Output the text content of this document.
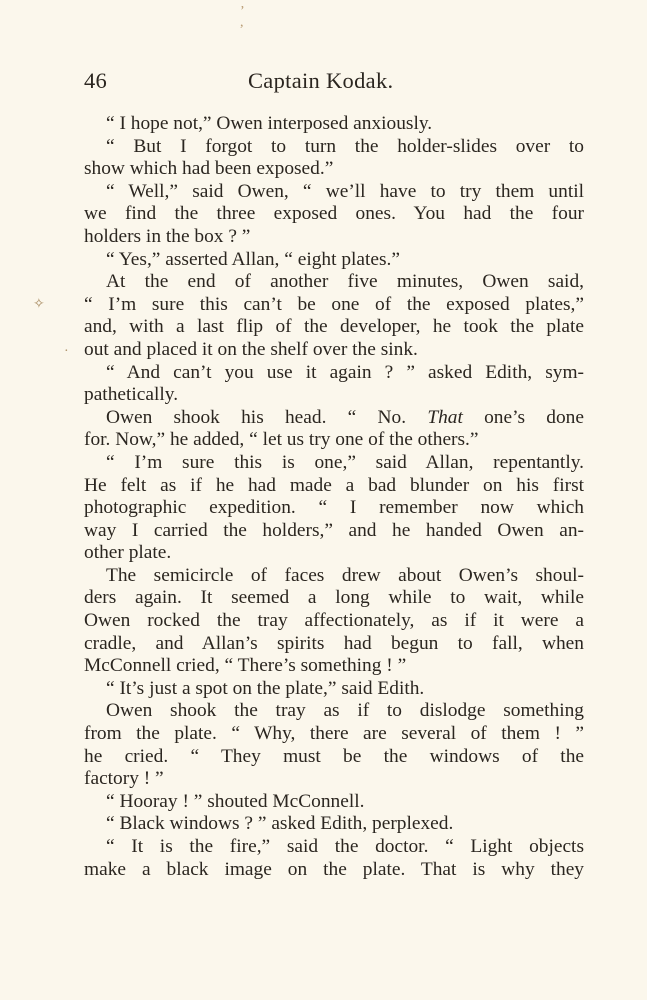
’
,
46	Captain Kodak.
✧
·
“ I hope not,” Owen interposed anxiously.
“ But I forgot to turn the holder-slides over to
show which had been exposed.”
“ Well,” said Owen, “ we’ll have to try them until
we find the three exposed ones. You had the four
holders in the box ? ”
“ Yes,” asserted Allan, “ eight plates.”
At the end of another five minutes, Owen said,
“ I’m sure this can’t be one of the exposed plates,”
and, with a last flip of the developer, he took the plate
out and placed it on the shelf over the sink.
“ And can’t you use it again ? ” asked Edith, sym-
pathetically.
Owen shook his head. “ No. That one’s done
for. Now,” he added, “ let us try one of the others.”
“ I’m sure this is one,” said Allan, repentantly.
He felt as if he had made a bad blunder on his first
photographic expedition. “ I remember now which
way I carried the holders,” and he handed Owen an-
other plate.
The semicircle of faces drew about Owen’s shoul-
ders again. It seemed a long while to wait, while
Owen rocked the tray affectionately, as if it were a
cradle, and Allan’s spirits had begun to fall, when
McConnell cried, “ There’s something ! ”
“ It’s just a spot on the plate,” said Edith.
Owen shook the tray as if to dislodge something
from the plate. “ Why, there are several of them ! ”
he cried. “ They must be the windows of the
factory ! ”
“ Hooray ! ” shouted McConnell.
“ Black windows ? ” asked Edith, perplexed.
“ It is the fire,” said the doctor. “ Light objects
make a black image on the plate. That is why they
